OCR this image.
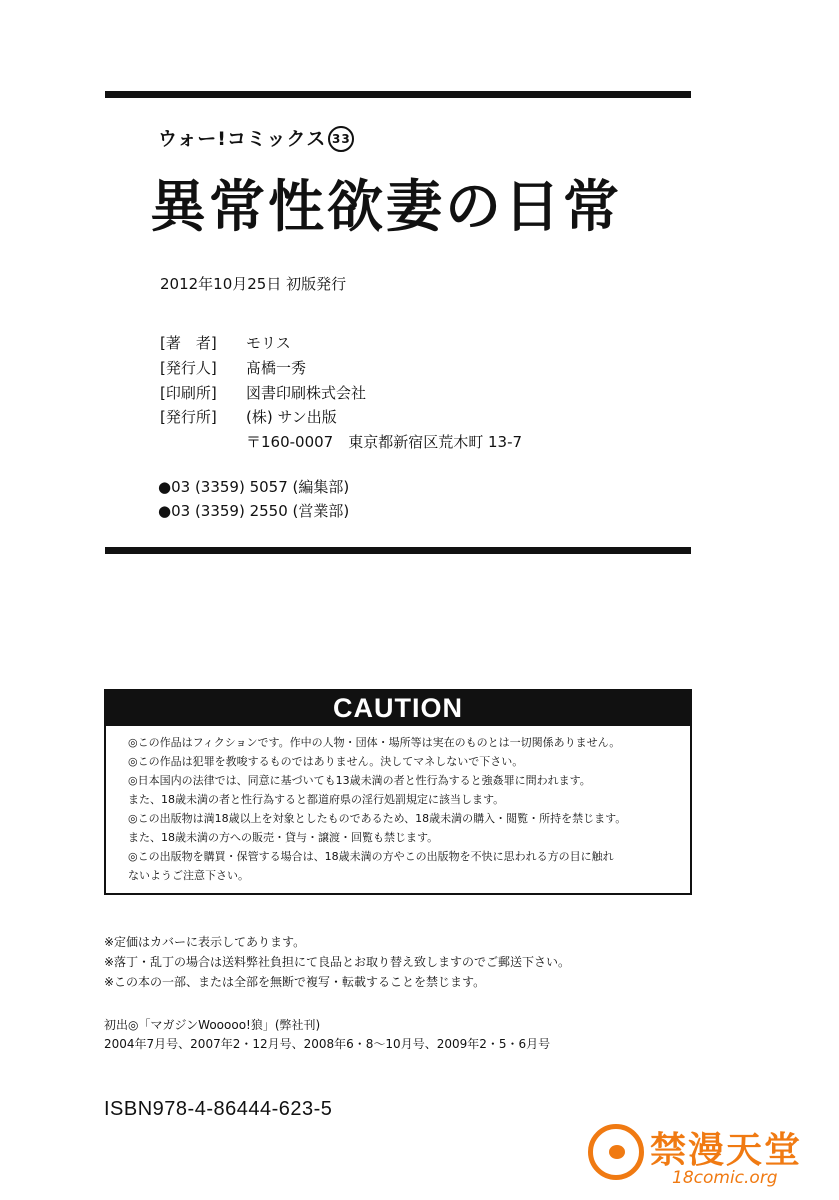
ウォー!コミックス 33
異常性欲妻の日常
2012年10月25日 初版発行
[著　者] モリス
[発行人] 髙橋一秀
[印刷所] 図書印刷株式会社
[発行所] (株) サン出版
〒160-0007　東京都新宿区荒木町 13-7
●03 (3359) 5057 (編集部)
●03 (3359) 2550 (営業部)
CAUTION
◎この作品はフィクションです。作中の人物・団体・場所等は実在のものとは一切関係ありません。
◎この作品は犯罪を教唆するものではありません。決してマネしないで下さい。
◎日本国内の法律では、同意に基づいても13歳未満の者と性行為すると強姦罪に問われます。
また、18歳未満の者と性行為すると都道府県の淫行処罰規定に該当します。
◎この出版物は満18歳以上を対象としたものであるため、18歳未満の購入・閲覧・所持を禁じます。
また、18歳未満の方への販売・貸与・譲渡・回覧も禁じます。
◎この出版物を購買・保管する場合は、18歳未満の方やこの出版物を不快に思われる方の目に触れ
ないようご注意下さい。
※定価はカバーに表示してあります。
※落丁・乱丁の場合は送料弊社負担にて良品とお取り替え致しますのでご郵送下さい。
※この本の一部、または全部を無断で複写・転載することを禁じます。
初出◎「マガジンWooooo!狼」(弊社刊)
2004年7月号、2007年2・12月号、2008年6・8〜10月号、2009年2・5・6月号
ISBN978-4-86444-623-5
禁漫天堂
18comic.org
